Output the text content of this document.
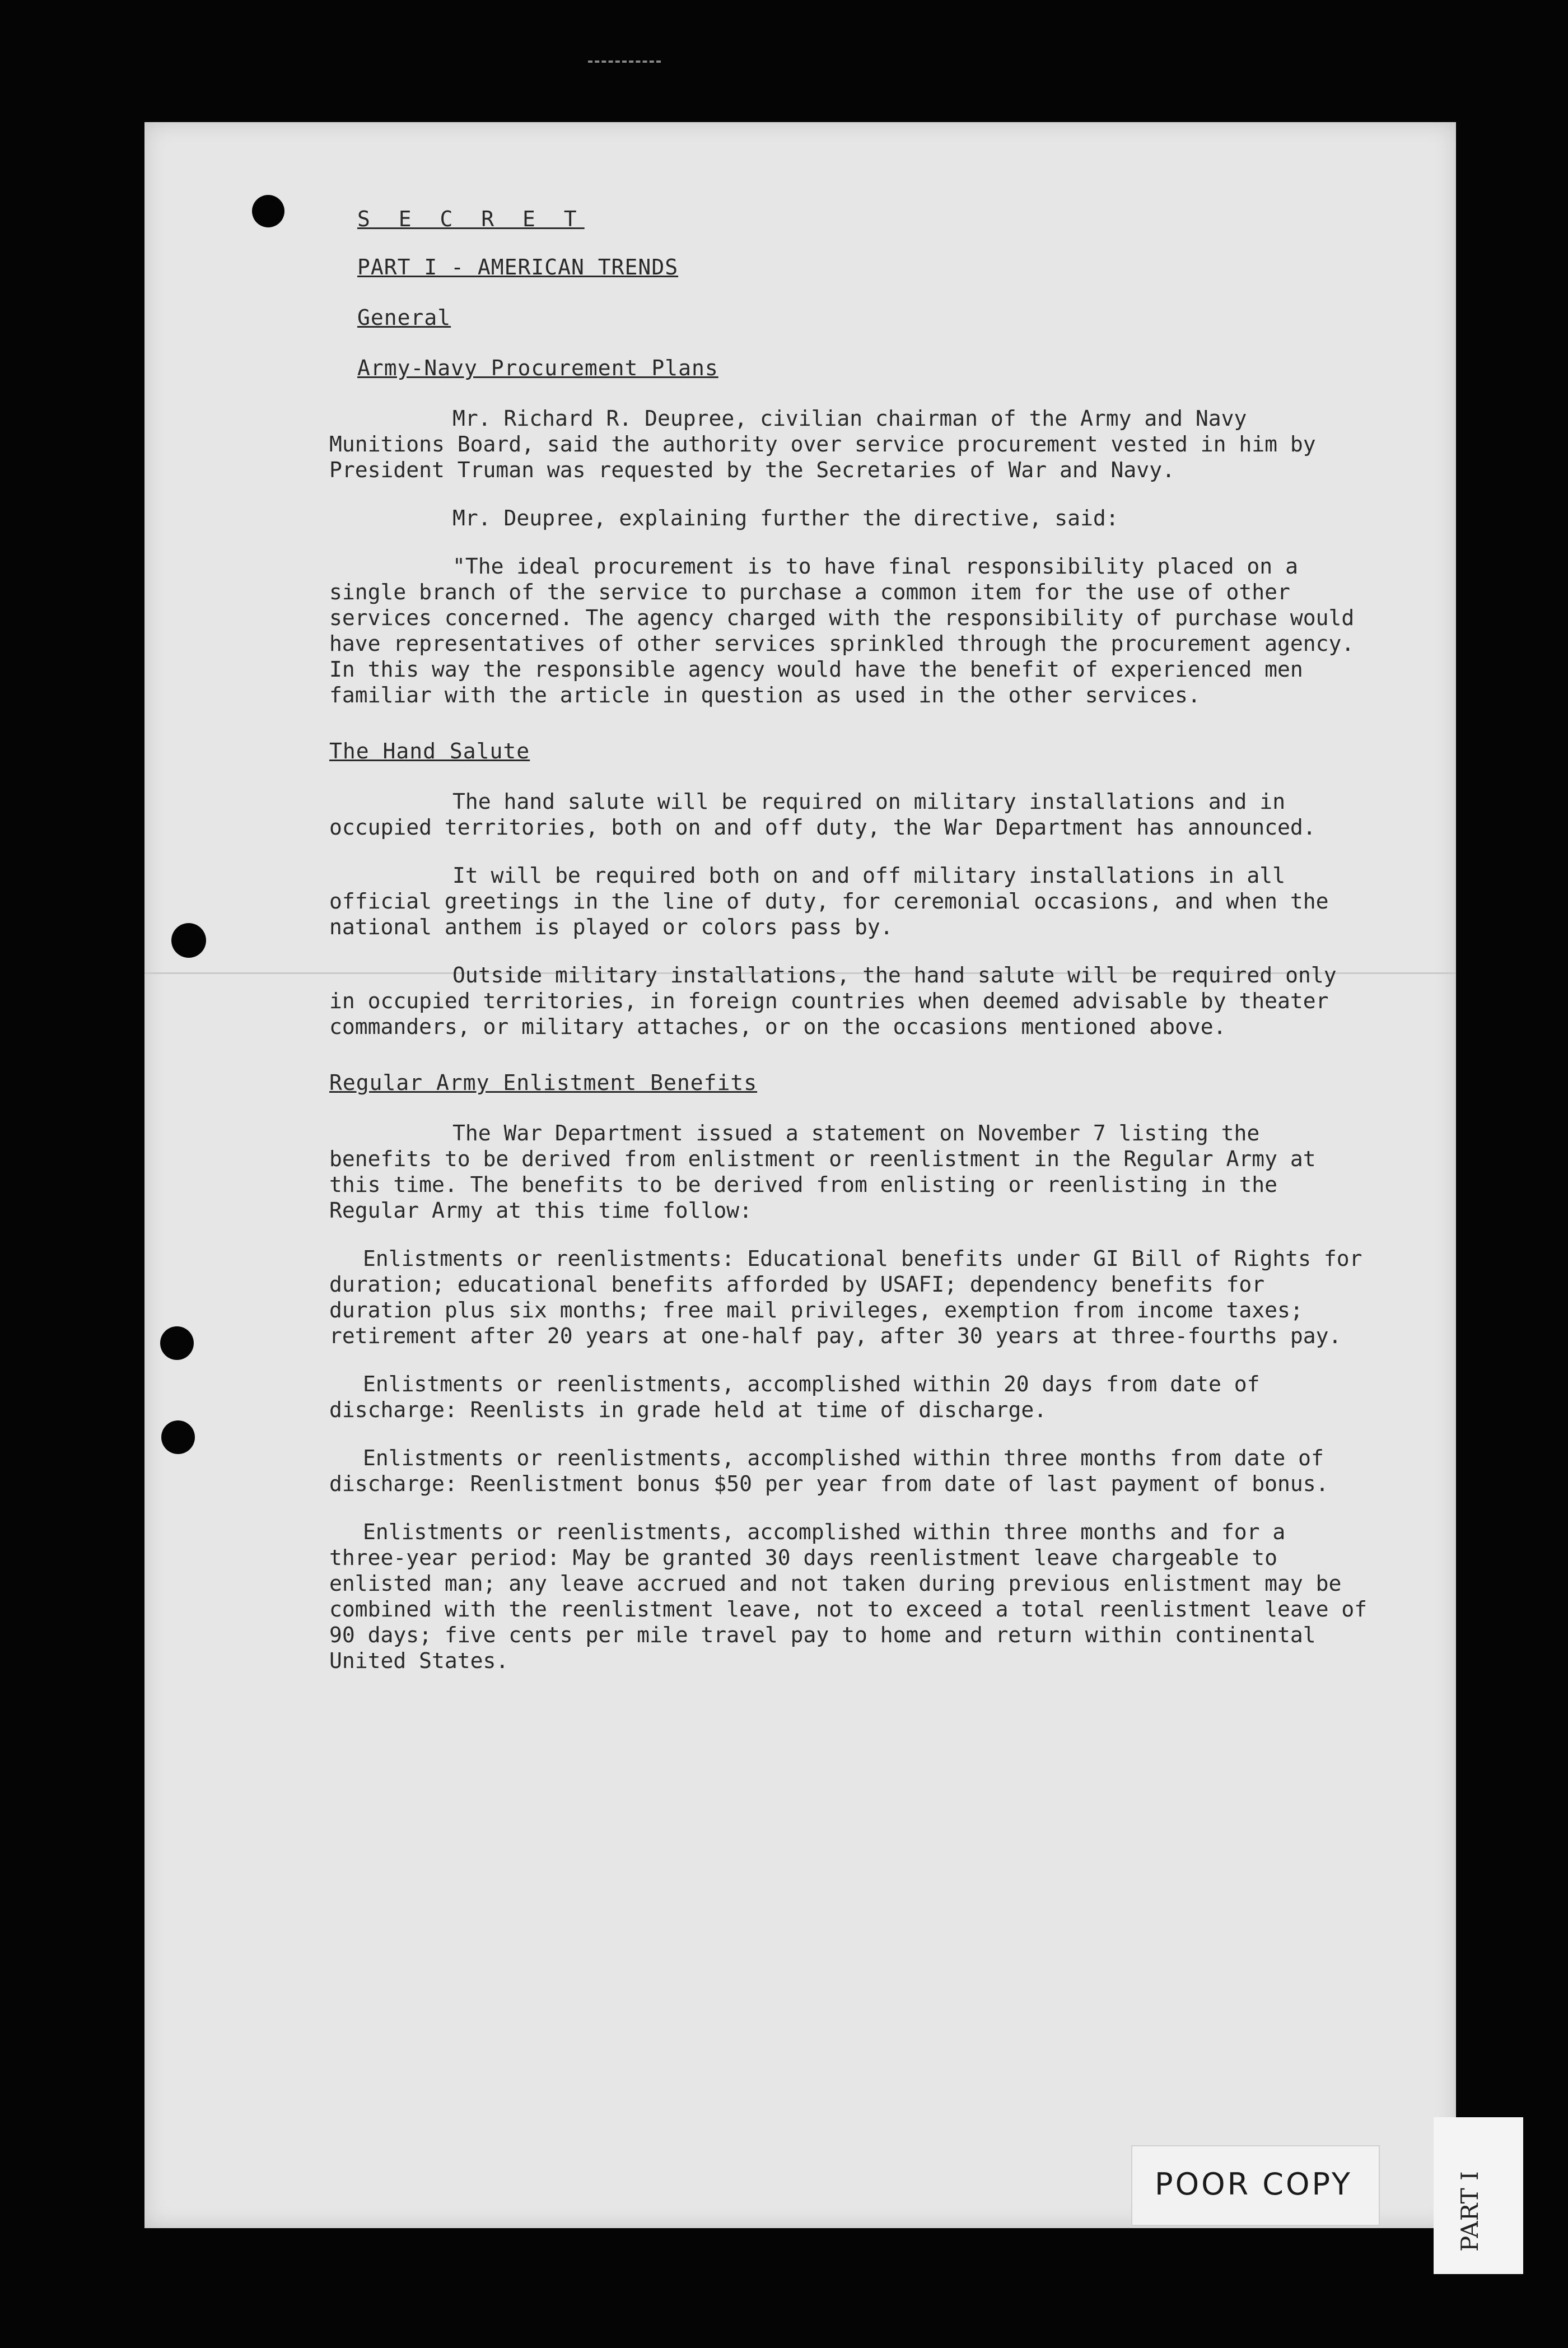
S E C R E T
PART I - AMERICAN TRENDS
General
Army-Navy Procurement Plans

Mr. Richard R. Deupree, civilian chairman of the Army and Navy Munitions Board, said the authority over service procurement vested in him by President Truman was requested by the Secretaries of War and Navy.

Mr. Deupree, explaining further the directive, said:

"The ideal procurement is to have final responsibility placed on a single branch of the service to purchase a common item for the use of other services concerned. The agency charged with the responsibility of purchase would have representatives of other services sprinkled through the procurement agency. In this way the responsible agency would have the benefit of experienced men familiar with the article in question as used in the other services.

The Hand Salute

The hand salute will be required on military installations and in occupied territories, both on and off duty, the War Department has announced.

It will be required both on and off military installations in all official greetings in the line of duty, for ceremonial occasions, and when the national anthem is played or colors pass by.

Outside military installations, the hand salute will be required only in occupied territories, in foreign countries when deemed advisable by theater commanders, or military attaches, or on the occasions mentioned above.

Regular Army Enlistment Benefits

The War Department issued a statement on November 7 listing the benefits to be derived from enlistment or reenlistment in the Regular Army at this time. The benefits to be derived from enlisting or reenlisting in the Regular Army at this time follow:

Enlistments or reenlistments: Educational benefits under GI Bill of Rights for duration; educational benefits afforded by USAFI; dependency benefits for duration plus six months; free mail privileges, exemption from income taxes; retirement after 20 years at one-half pay, after 30 years at three-fourths pay.

Enlistments or reenlistments, accomplished within 20 days from date of discharge: Reenlists in grade held at time of discharge.

Enlistments or reenlistments, accomplished within three months from date of discharge: Reenlistment bonus $50 per year from date of last payment of bonus.

Enlistments or reenlistments, accomplished within three months and for a three-year period: May be granted 30 days reenlistment leave chargeable to enlisted man; any leave accrued and not taken during previous enlistment may be combined with the reenlistment leave, not to exceed a total reenlistment leave of 90 days; five cents per mile travel pay to home and return within continental United States.

POOR COPY	PART I
